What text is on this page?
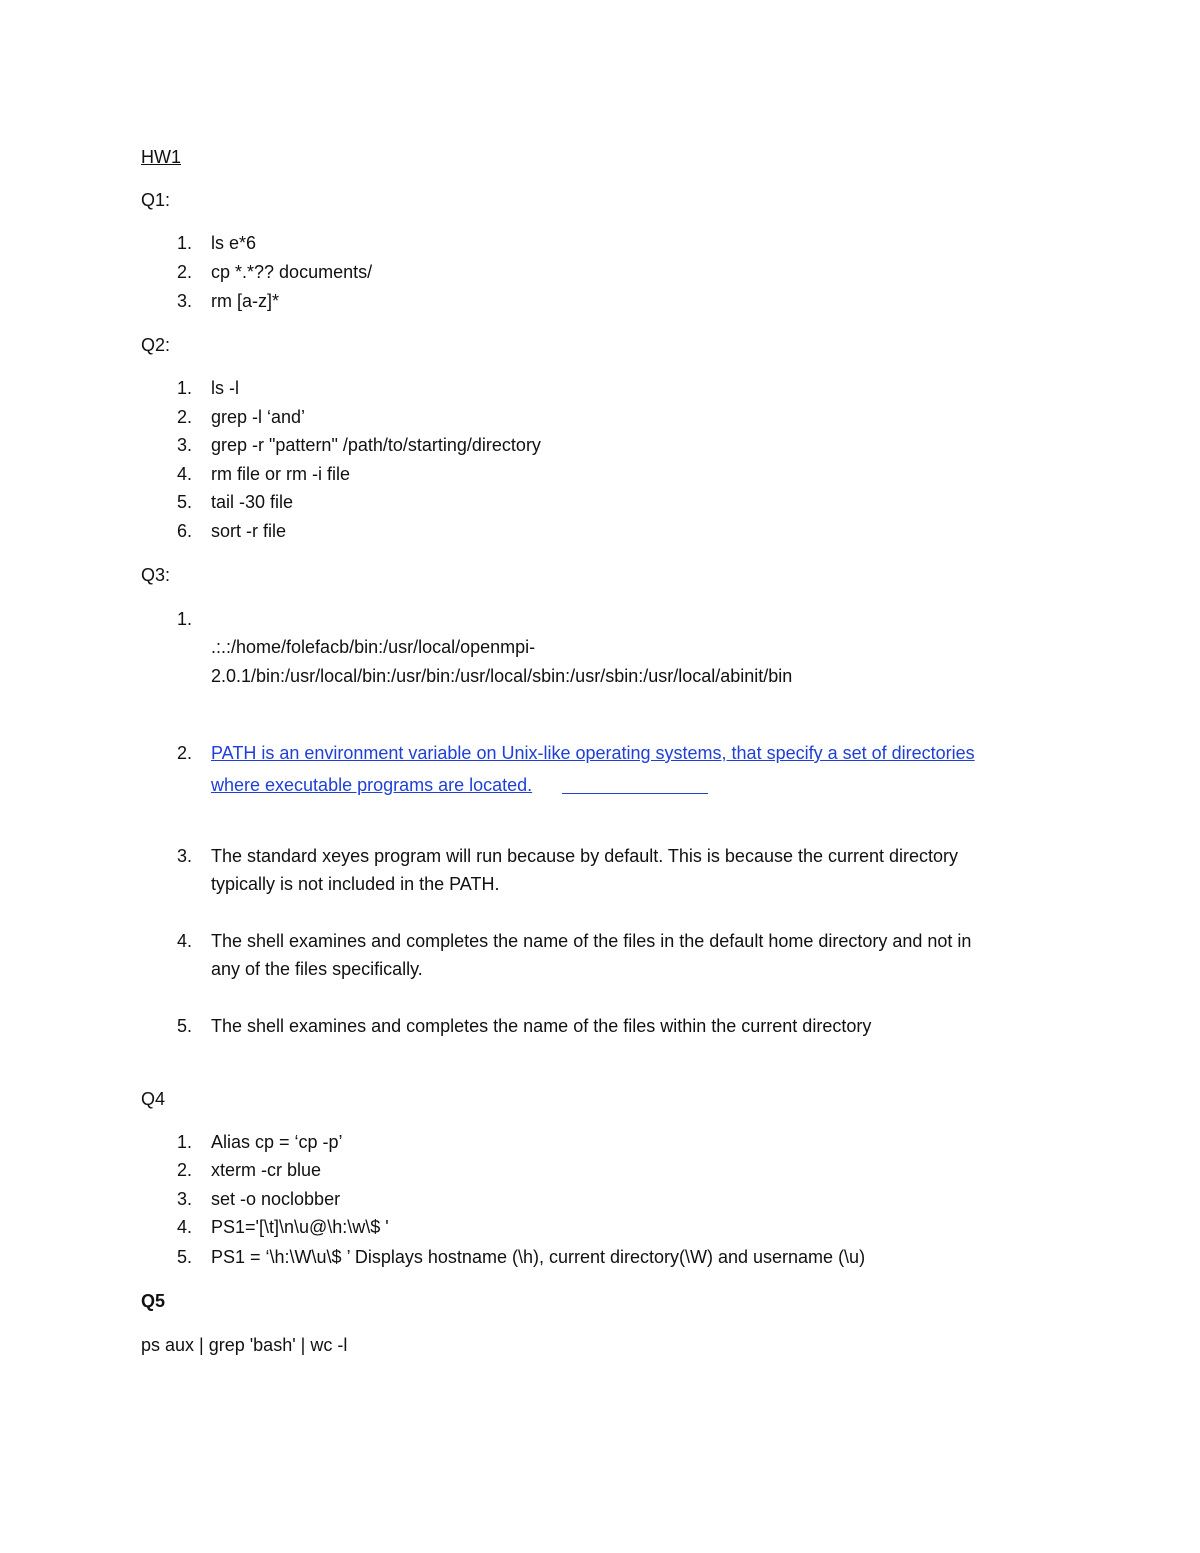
HW1
Q1:
1. ls e*6
2. cp *.*?? documents/
3. rm [a-z]*
Q2:
1. ls -l
2. grep -l ‘and’
3. grep -r "pattern" /path/to/starting/directory
4. rm file or rm -i file
5. tail -30 file
6. sort -r file
Q3:
1.
.:.:/home/folefacb/bin:/usr/local/openmpi-
2.0.1/bin:/usr/local/bin:/usr/bin:/usr/local/sbin:/usr/sbin:/usr/local/abinit/bin
2. PATH is an environment variable on Unix-like operating systems, that specify a set of directories
where executable programs are located.
3. The standard xeyes program will run because by default. This is because the current directory
typically is not included in the PATH.
4. The shell examines and completes the name of the files in the default home directory and not in
any of the files specifically.
5. The shell examines and completes the name of the files within the current directory
Q4
1. Alias cp = ‘cp -p’
2. xterm -cr blue
3. set -o noclobber
4. PS1='[\t]\n\u@\h:\w\$ '
5. PS1 = ‘\h:\W\u\$ ’ Displays hostname (\h), current directory(\W) and username (\u)
Q5
ps aux | grep 'bash' | wc -l
